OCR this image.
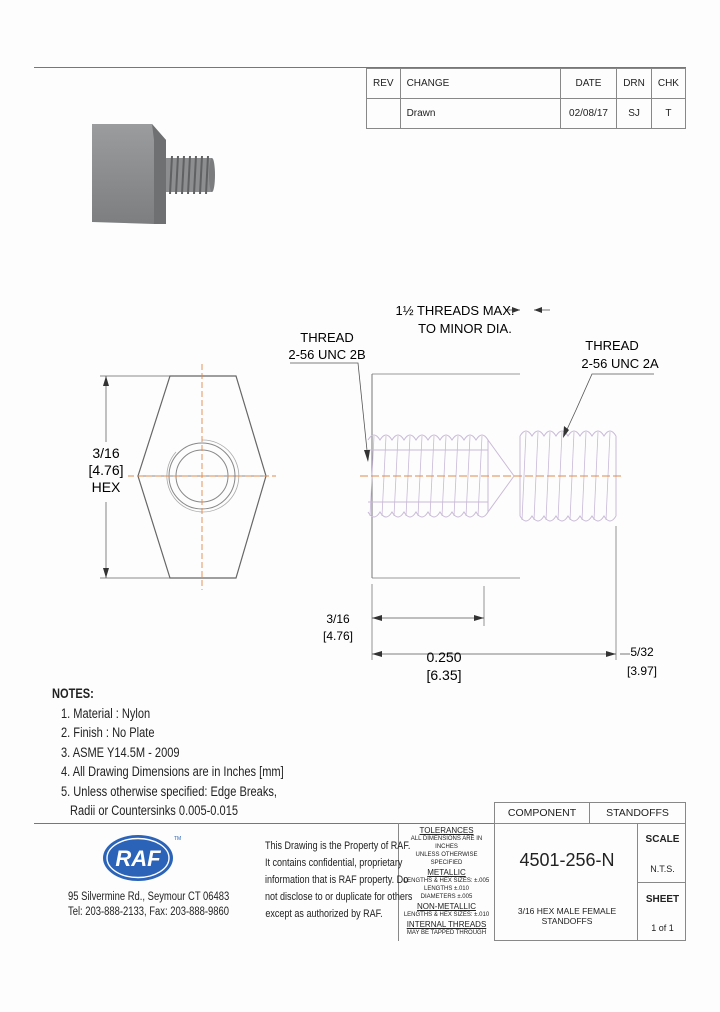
REV	CHANGE	DATE	DRN	CHK
	Drawn	02/08/17	SJ	T
3/16
[4.76]
HEX
THREAD
2-56 UNC 2B
THREAD
2-56 UNC 2A
1½ THREADS MAX.
TO MINOR DIA.
3/16
[4.76]
0.250
[6.35]
5/32
[3.97]
NOTES:
1. Material : Nylon
2. Finish : No Plate
3. ASME Y14.5M - 2009
4. All Drawing Dimensions are in Inches [mm]
5. Unless otherwise specified: Edge Breaks,
Radii or Countersinks 0.005-0.015	COMPONENT	STANDOFFS
4501-256-N
3/16 HEX MALE FEMALE STANDOFFS
SCALE
N.T.S.
SHEET
1 of 1
TOLERANCES
ALL DIMENSIONS ARE IN INCHES
UNLESS OTHERWISE SPECIFIED
METALLIC
LENGTHS & HEX SIZES: ±.005
LENGTHS ±.010
DIAMETERS ±.005
NON-METALLIC
LENGTHS & HEX SIZES: ±.010
INTERNAL THREADS
MAY BE TAPPED THROUGH
This Drawing is the Property of RAF.
It contains confidential, proprietary
information that is RAF property. Do
not disclose to or duplicate for others
except as authorized by RAF.
RAF
TM
95 Silvermine Rd., Seymour CT 06483
Tel: 203-888-2133, Fax: 203-888-9860
